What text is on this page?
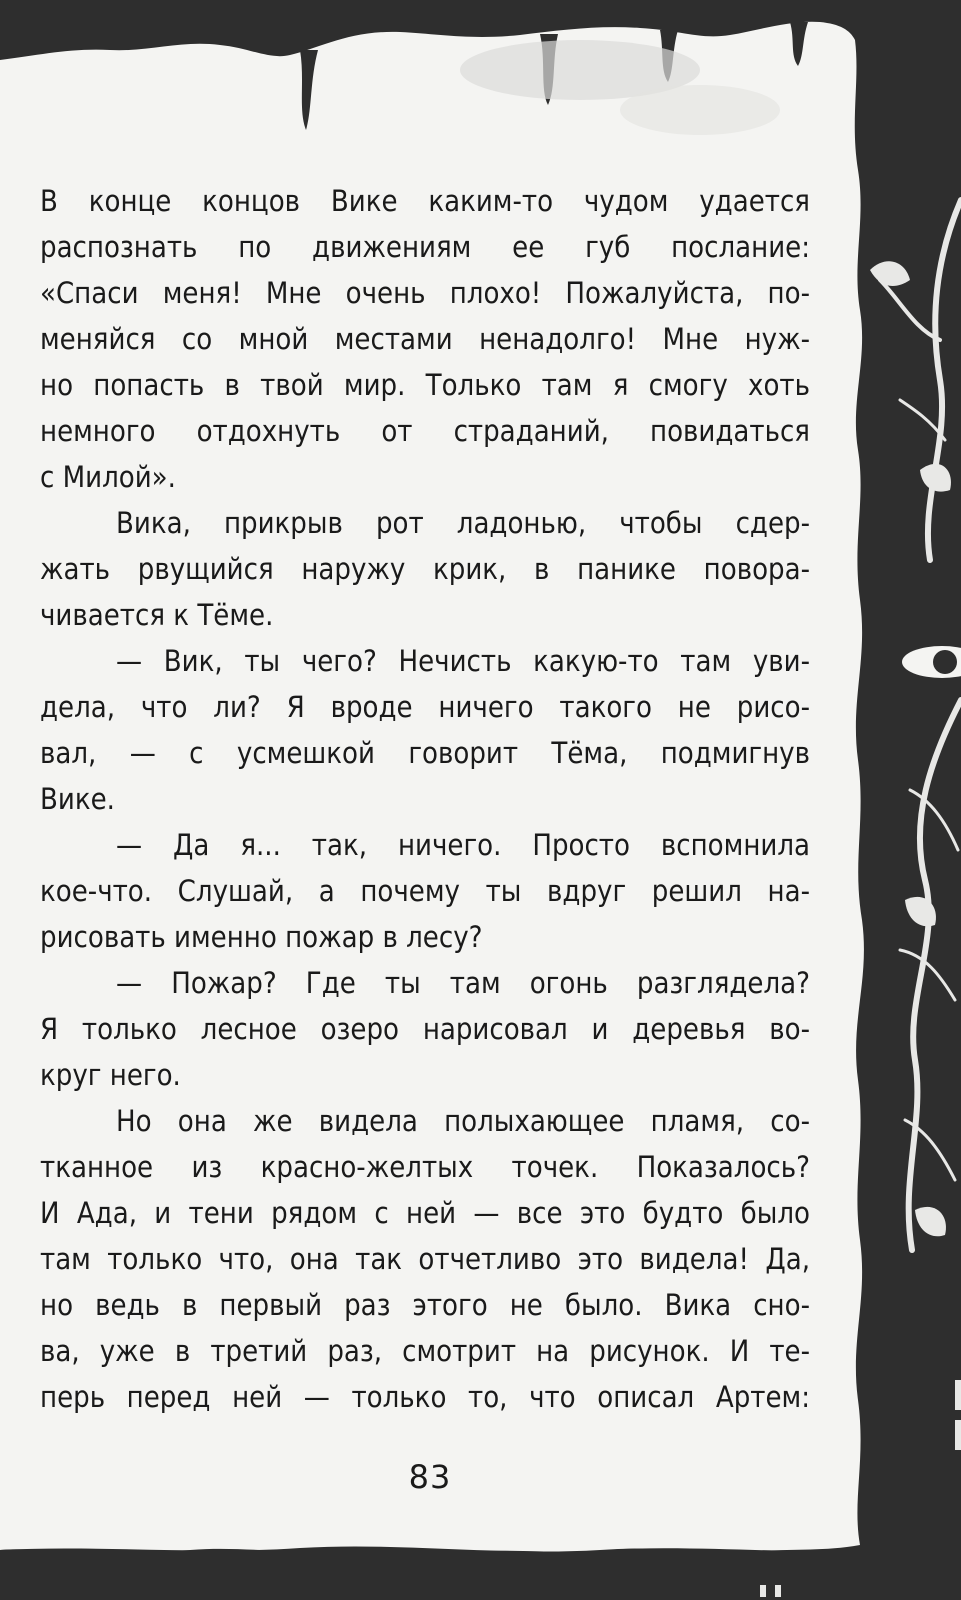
В конце концов Вике каким-то чудом удается
распознать по движениям ее губ послание:
«Спаси меня! Мне очень плохо! Пожалуйста, по-
меняйся со мной местами ненадолго! Мне нуж-
но попасть в твой мир. Только там я смогу хоть
немного отдохнуть от страданий, повидаться
с Милой».
Вика, прикрыв рот ладонью, чтобы сдер-
жать рвущийся наружу крик, в панике повора-
чивается к Тёме.
— Вик, ты чего? Нечисть какую-то там уви-
дела, что ли? Я вроде ничего такого не рисо-
вал, — с усмешкой говорит Тёма, подмигнув
Вике.
— Да я... так, ничего. Просто вспомнила
кое-что. Слушай, а почему ты вдруг решил на-
рисовать именно пожар в лесу?
— Пожар? Где ты там огонь разглядела?
Я только лесное озеро нарисовал и деревья во-
круг него.
Но она же видела полыхающее пламя, со-
тканное из красно-желтых точек. Показалось?
И Ада, и тени рядом с ней — все это будто было
там только что, она так отчетливо это видела! Да,
но ведь в первый раз этого не было. Вика сно-
ва, уже в третий раз, смотрит на рисунок. И те-
перь перед ней — только то, что описал Артем:
83
